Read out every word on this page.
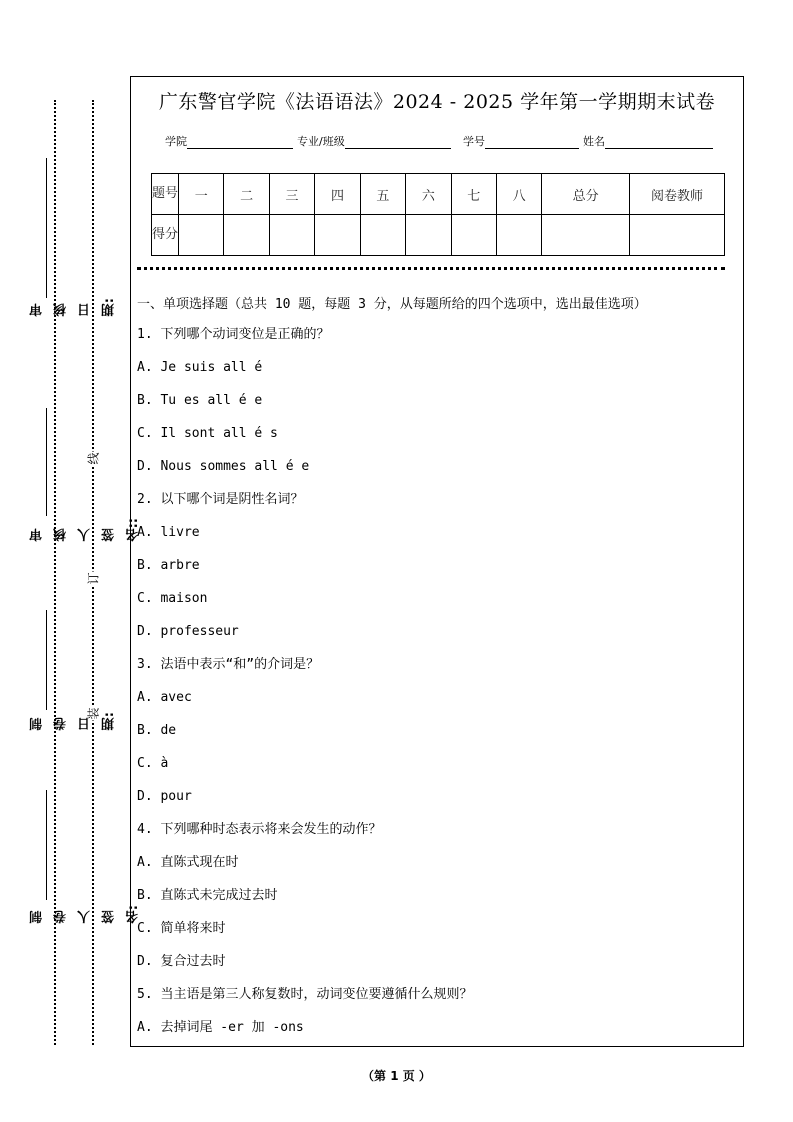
线
订
装
审核日期:
审核人签名::
制卷日期:
制卷人签名:
广东警官学院《法语语法》2024 - 2025 学年第一学期期末试卷
学院	专业/班级	学号	姓名
题号	一	二	三	四	五	六	七	八	总分	阅卷教师
得分										
一、单项选择题（总共 10 题，每题 3 分，从每题所给的四个选项中，选出最佳选项）
1. 下列哪个动词变位是正确的？
A. Je suis all é
B. Tu es all é e
C. Il sont all é s
D. Nous sommes all é e
2. 以下哪个词是阴性名词？
A. livre
B. arbre
C. maison
D. professeur
3. 法语中表示“和”的介词是？
A. avec
B. de
C. à
D. pour
4. 下列哪种时态表示将来会发生的动作？
A. 直陈式现在时
B. 直陈式未完成过去时
C. 简单将来时
D. 复合过去时
5. 当主语是第三人称复数时，动词变位要遵循什么规则？
A. 去掉词尾 -er 加 -ons
（第 1 页 ）
